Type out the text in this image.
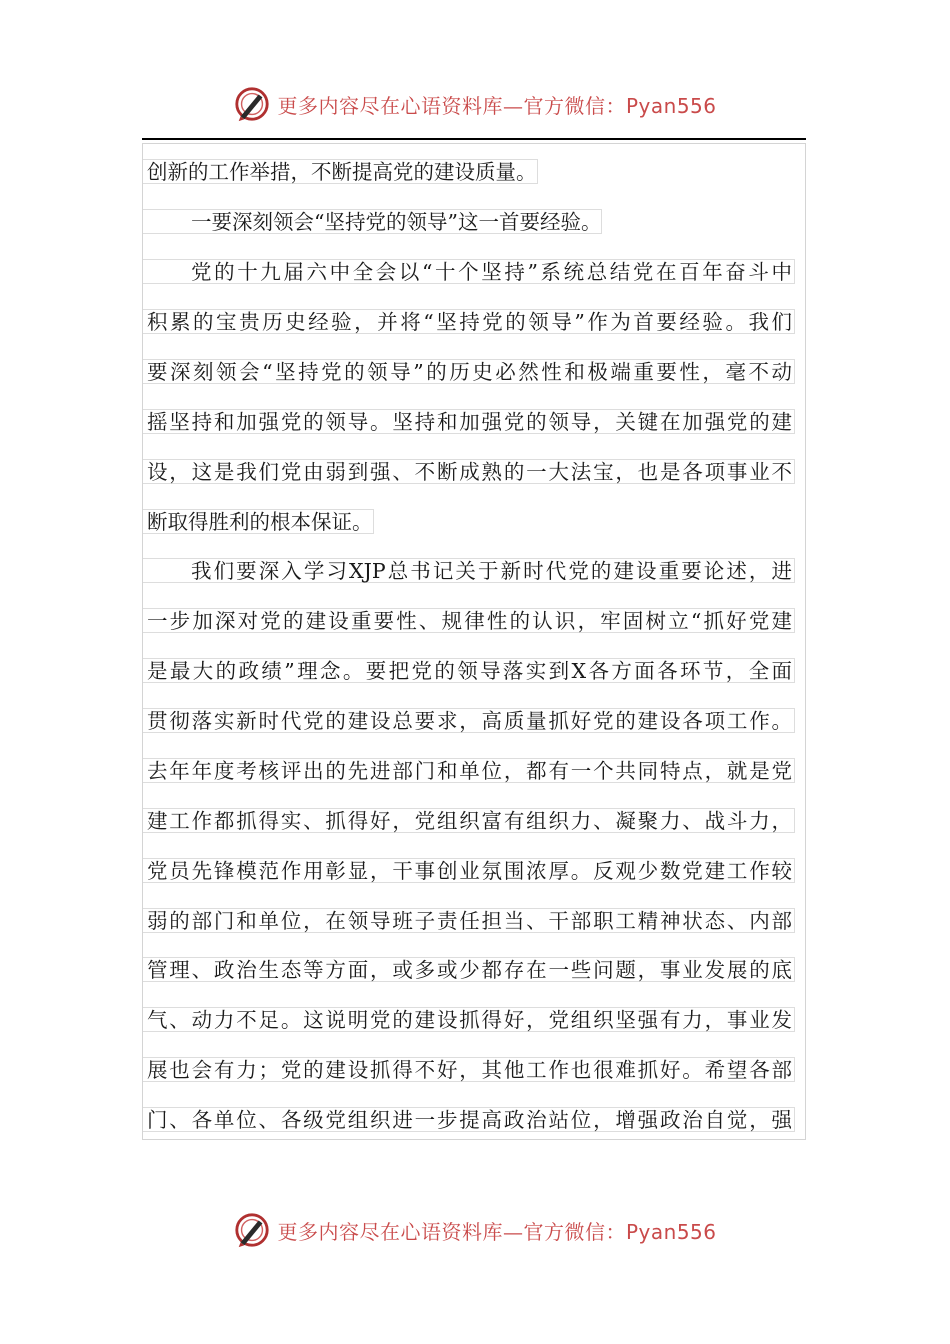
更多内容尽在心语资料库—官方微信：Pyan556
创新的工作举措，不断提高党的建设质量。
一要深刻领会“坚持党的领导”这一首要经验。
党的十九届六中全会以“十个坚持”系统总结党在百年奋斗中
积累的宝贵历史经验，并将“坚持党的领导”作为首要经验。我们
要深刻领会“坚持党的领导”的历史必然性和极端重要性，毫不动
摇坚持和加强党的领导。坚持和加强党的领导，关键在加强党的建
设，这是我们党由弱到强、不断成熟的一大法宝，也是各项事业不
断取得胜利的根本保证。
我们要深入学习XJP总书记关于新时代党的建设重要论述，进
一步加深对党的建设重要性、规律性的认识，牢固树立“抓好党建
是最大的政绩”理念。要把党的领导落实到X各方面各环节，全面
贯彻落实新时代党的建设总要求，高质量抓好党的建设各项工作。
去年年度考核评出的先进部门和单位，都有一个共同特点，就是党
建工作都抓得实、抓得好，党组织富有组织力、凝聚力、战斗力，
党员先锋模范作用彰显，干事创业氛围浓厚。反观少数党建工作较
弱的部门和单位，在领导班子责任担当、干部职工精神状态、内部
管理、政治生态等方面，或多或少都存在一些问题，事业发展的底
气、动力不足。这说明党的建设抓得好，党组织坚强有力，事业发
展也会有力；党的建设抓得不好，其他工作也很难抓好。希望各部
门、各单位、各级党组织进一步提高政治站位，增强政治自觉，强
更多内容尽在心语资料库—官方微信：Pyan556
